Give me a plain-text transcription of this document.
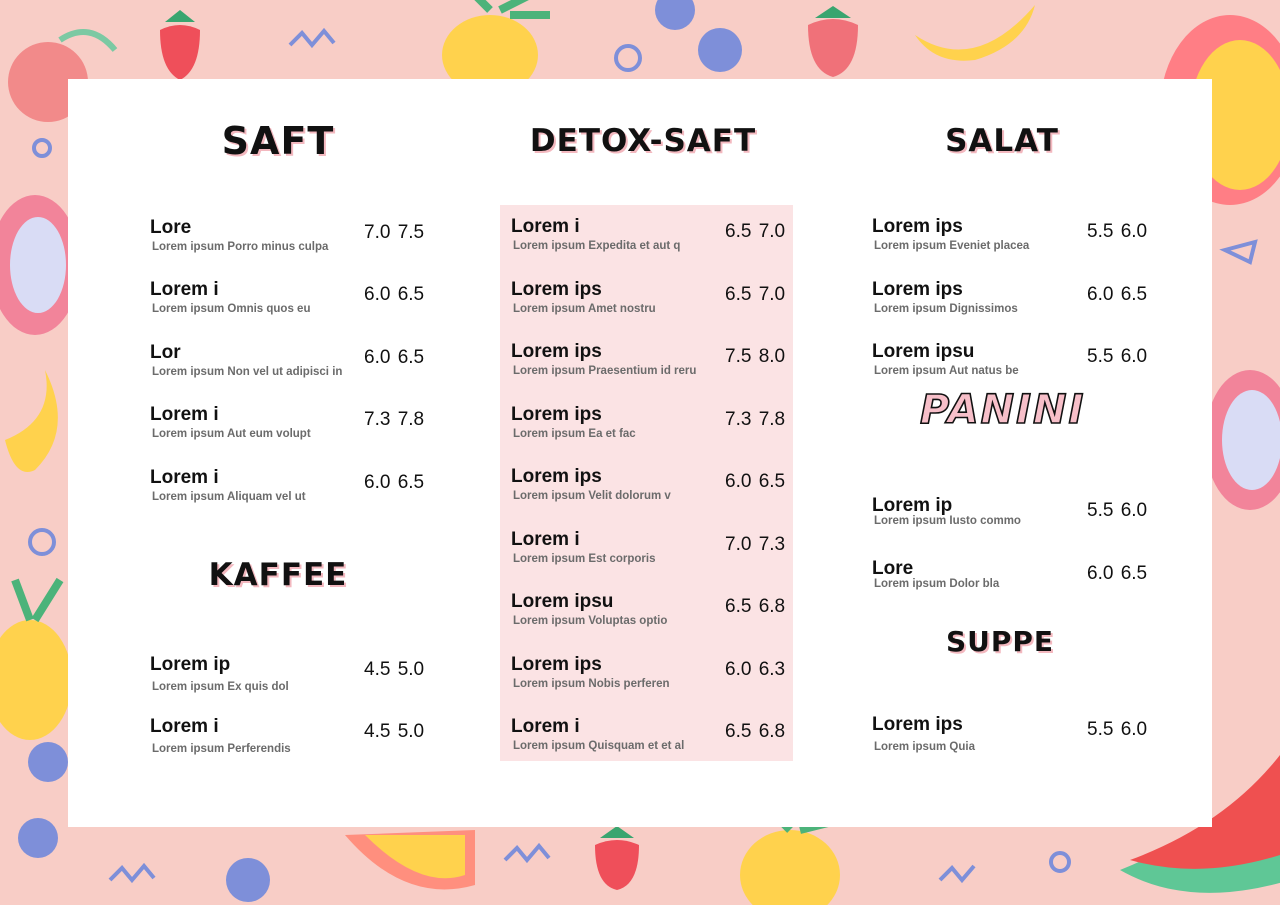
SAFT
Lore
Lorem ipsum Porro minus culpa
7.0 7.5
Lorem i
Lorem ipsum Omnis quos eu
6.0 6.5
Lor
Lorem ipsum Non vel ut adipisci in
6.0 6.5
Lorem i
Lorem ipsum Aut eum volupt
7.3 7.8
Lorem i
Lorem ipsum Aliquam vel ut
6.0 6.5
KAFFEE
Lorem ip
Lorem ipsum Ex quis dol
4.5 5.0
Lorem i
Lorem ipsum Perferendis
4.5 5.0
DETOX-SAFT
Lorem i
Lorem ipsum Expedita et aut q
6.5 7.0
Lorem ips
Lorem ipsum Amet nostru
6.5 7.0
Lorem ips
Lorem ipsum Praesentium id reru
7.5 8.0
Lorem ips
Lorem ipsum Ea et fac
7.3 7.8
Lorem ips
Lorem ipsum Velit dolorum v
6.0 6.5
Lorem i
Lorem ipsum Est corporis
7.0 7.3
Lorem ipsu
Lorem ipsum Voluptas optio
6.5 6.8
Lorem ips
Lorem ipsum Nobis perferen
6.0 6.3
Lorem i
Lorem ipsum Quisquam et et al
6.5 6.8
SALAT
Lorem ips
Lorem ipsum Eveniet placea
5.5 6.0
Lorem ips
Lorem ipsum Dignissimos
6.0 6.5
Lorem ipsu
Lorem ipsum Aut natus be
5.5 6.0
PANINI
Lorem ip
Lorem ipsum Iusto commo	5.5 6.0
Lore
Lorem ipsum Dolor bla	6.0 6.5
SUPPE
Lorem ips
Lorem ipsum Quia
5.5 6.0
